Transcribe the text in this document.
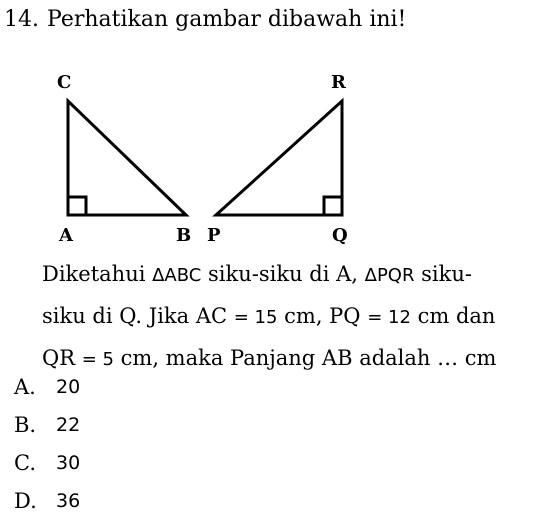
14. Perhatikan gambar dibawah ini!
C
A	B
R
P	Q
Diketahui ΔABC siku-siku di A, ΔPQR siku-
siku di Q. Jika AC = 15 cm, PQ = 12 cm dan
QR = 5 cm, maka Panjang AB adalah … cm
A.	20
B.	22
C.	30
D.	36
